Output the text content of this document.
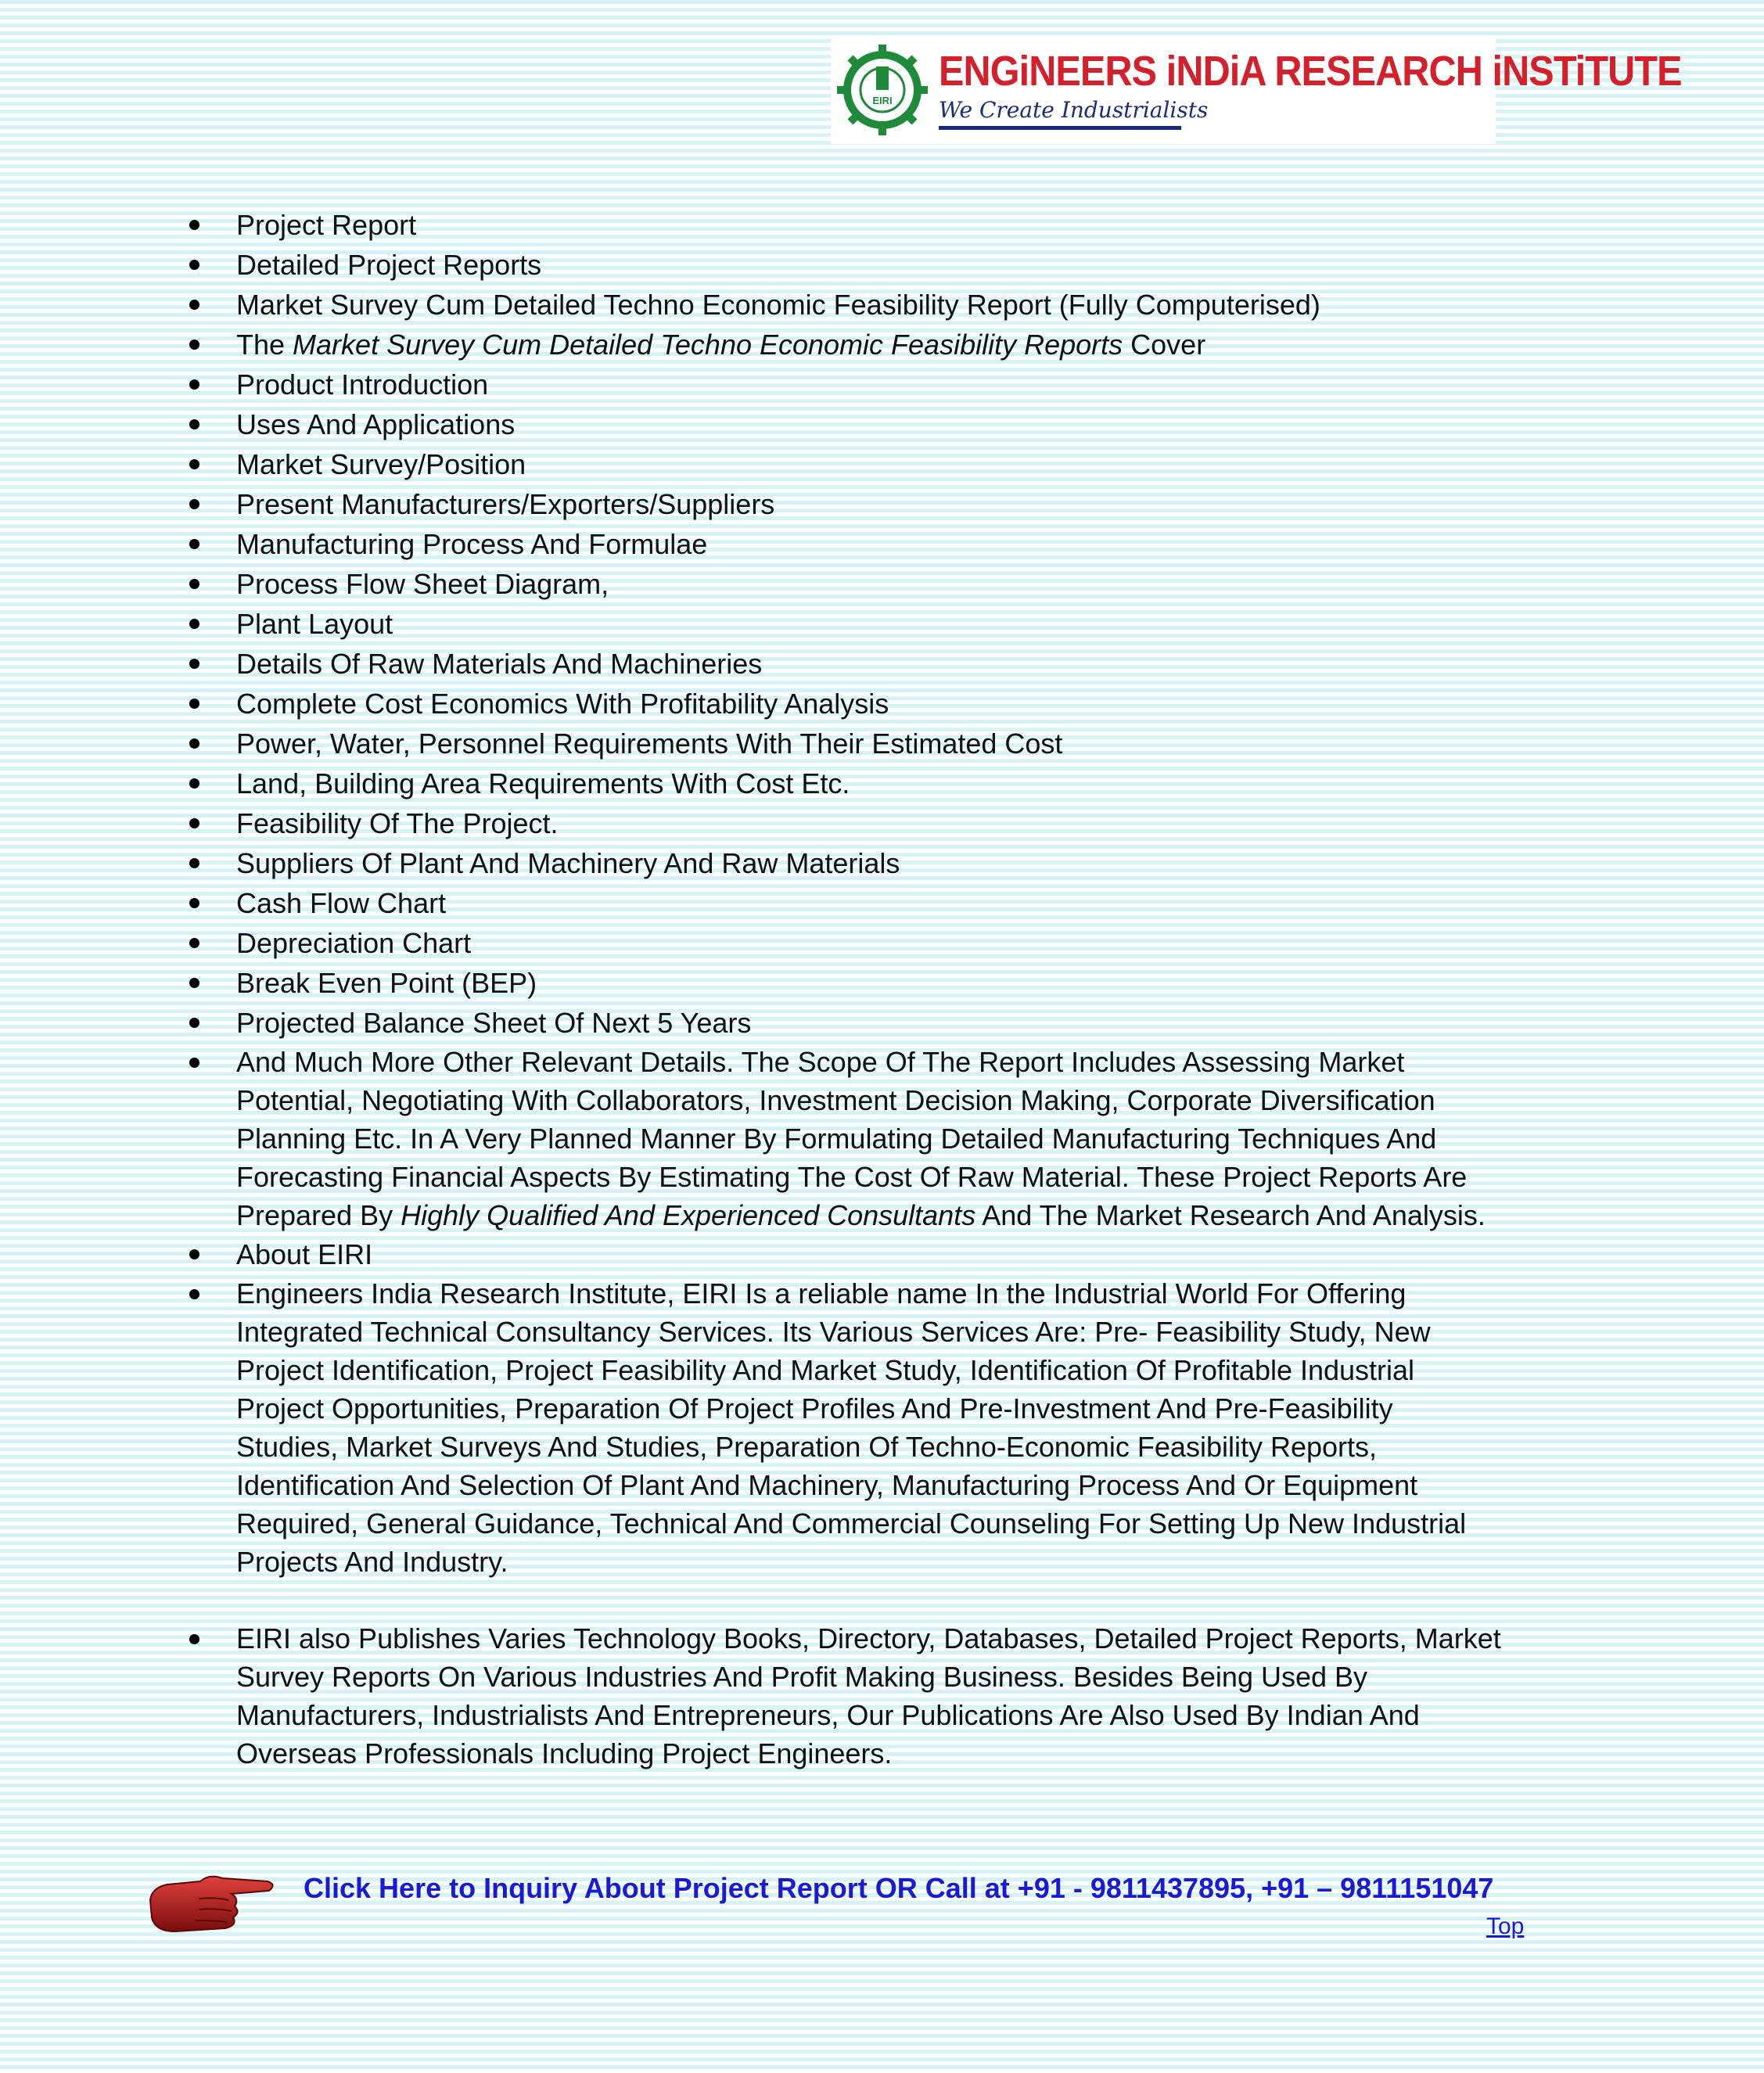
EIRI
ENGiNEERS iNDiA RESEARCH iNSTiTUTE
We Create Industrialists
Project Report
Detailed Project Reports
Market Survey Cum Detailed Techno Economic Feasibility Report (Fully Computerised)
The Market Survey Cum Detailed Techno Economic Feasibility Reports Cover
Product Introduction
Uses And Applications
Market Survey/Position
Present Manufacturers/Exporters/Suppliers
Manufacturing Process And Formulae
Process Flow Sheet Diagram,
Plant Layout
Details Of Raw Materials And Machineries
Complete Cost Economics With Profitability Analysis
Power, Water, Personnel Requirements With Their Estimated Cost
Land, Building Area Requirements With Cost Etc.
Feasibility Of The Project.
Suppliers Of Plant And Machinery And Raw Materials
Cash Flow Chart
Depreciation Chart
Break Even Point (BEP)
Projected Balance Sheet Of Next 5 Years
And Much More Other Relevant Details. The Scope Of The Report Includes Assessing Market Potential, Negotiating With Collaborators, Investment Decision Making, Corporate Diversification Planning Etc. In A Very Planned Manner By Formulating Detailed Manufacturing Techniques And Forecasting Financial Aspects By Estimating The Cost Of Raw Material. These Project Reports Are Prepared By Highly Qualified And Experienced Consultants And The Market Research And Analysis.
About EIRI
Engineers India Research Institute, EIRI Is a reliable name In the Industrial World For Offering Integrated Technical Consultancy Services. Its Various Services Are: Pre- Feasibility Study, New Project Identification, Project Feasibility And Market Study, Identification Of Profitable Industrial Project Opportunities, Preparation Of Project Profiles And Pre-Investment And Pre-Feasibility Studies, Market Surveys And Studies, Preparation Of Techno-Economic Feasibility Reports, Identification And Selection Of Plant And Machinery, Manufacturing Process And Or Equipment Required, General Guidance, Technical And Commercial Counseling For Setting Up New Industrial Projects And Industry.
EIRI also Publishes Varies Technology Books, Directory, Databases, Detailed Project Reports, Market Survey Reports On Various Industries And Profit Making Business. Besides Being Used By Manufacturers, Industrialists And Entrepreneurs, Our Publications Are Also Used By Indian And Overseas Professionals Including Project Engineers.
Click Here to Inquiry About Project Report OR Call at +91 - 9811437895, +91 – 9811151047
Top
